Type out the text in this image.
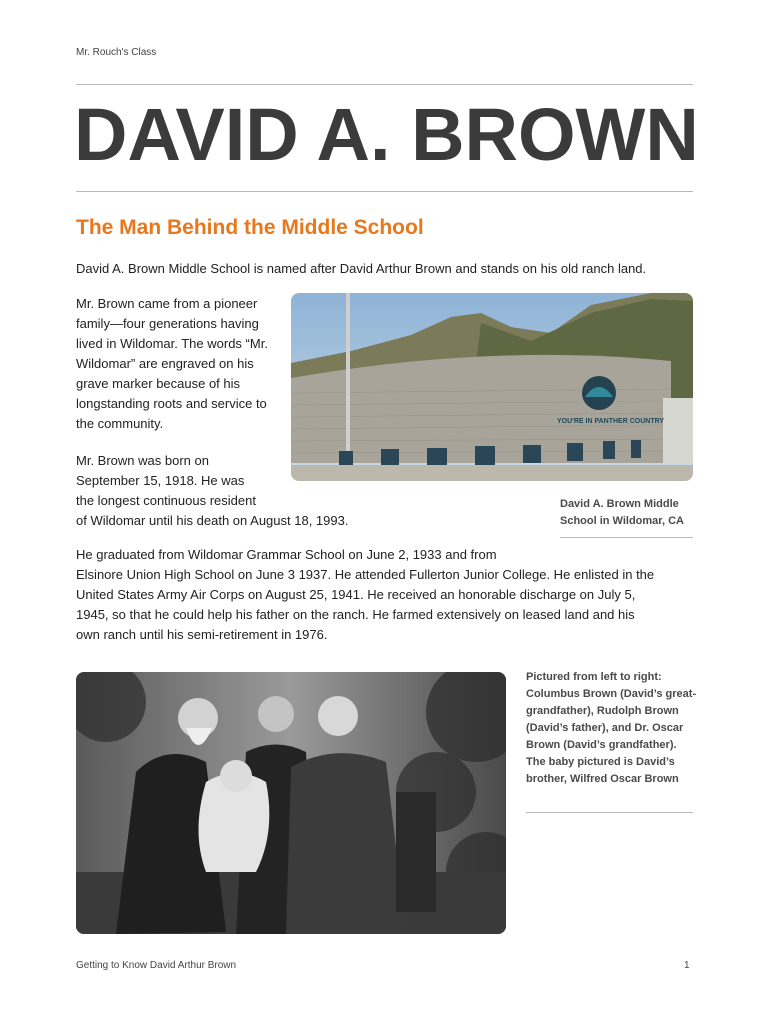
Mr. Rouch's Class
DAVID A. BROWN
The Man Behind the Middle School
David A. Brown Middle School is named after David Arthur Brown and stands on his old ranch land.
Mr. Brown came from a pioneer family—four generations having lived in Wildomar. The words “Mr. Wildomar” are engraved on his grave marker because of his longstanding roots and service to the community.
Mr. Brown was born on
September 15, 1918. He was
the longest continuous resident
of Wildomar until his death on August 18, 1993.
YOU'RE IN PANTHER COUNTRY
David A. Brown Middle School in Wildomar, CA
He graduated from Wildomar Grammar School on June 2, 1933 and from
Elsinore Union High School on June 3 1937. He attended Fullerton Junior College. He enlisted in the
United States Army Air Corps on August 25, 1941. He received an honorable discharge on July 5,
1945, so that he could help his father on the ranch. He farmed extensively on leased land and his
own ranch until his semi-retirement in 1976.
Pictured from left to right: Columbus Brown (David’s great-grandfather), Rudolph Brown (David’s father), and Dr. Oscar Brown (David’s grandfather). The baby pictured is David’s brother, Wilfred Oscar Brown
Getting to Know David Arthur Brown	1
